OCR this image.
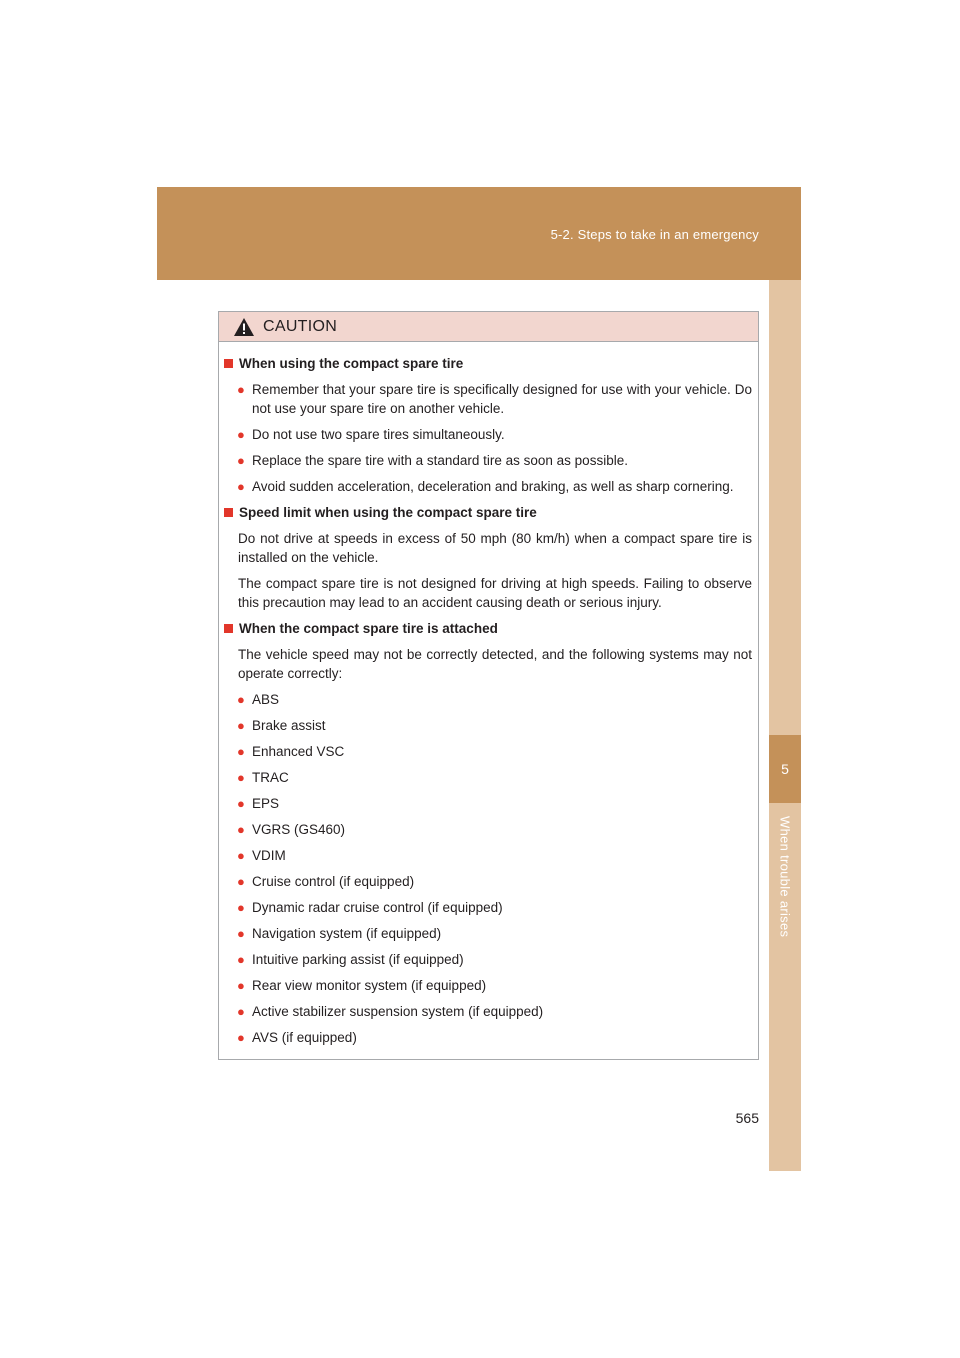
5-2. Steps to take in an emergency
5
When trouble arises
CAUTION
When using the compact spare tire
● Remember that your spare tire is specifically designed for use with your vehicle. Do not use your spare tire on another vehicle.
● Do not use two spare tires simultaneously.
● Replace the spare tire with a standard tire as soon as possible.
● Avoid sudden acceleration, deceleration and braking, as well as sharp cornering.
Speed limit when using the compact spare tire
Do not drive at speeds in excess of 50 mph (80 km/h) when a compact spare tire is installed on the vehicle.
The compact spare tire is not designed for driving at high speeds. Failing to observe this precaution may lead to an accident causing death or serious injury.
When the compact spare tire is attached
The vehicle speed may not be correctly detected, and the following systems may not operate correctly:
● ABS
● Brake assist
● Enhanced VSC
● TRAC
● EPS
● VGRS (GS460)
● VDIM
● Cruise control (if equipped)
● Dynamic radar cruise control (if equipped)
● Navigation system (if equipped)
● Intuitive parking assist (if equipped)
● Rear view monitor system (if equipped)
● Active stabilizer suspension system (if equipped)
● AVS (if equipped)
565
